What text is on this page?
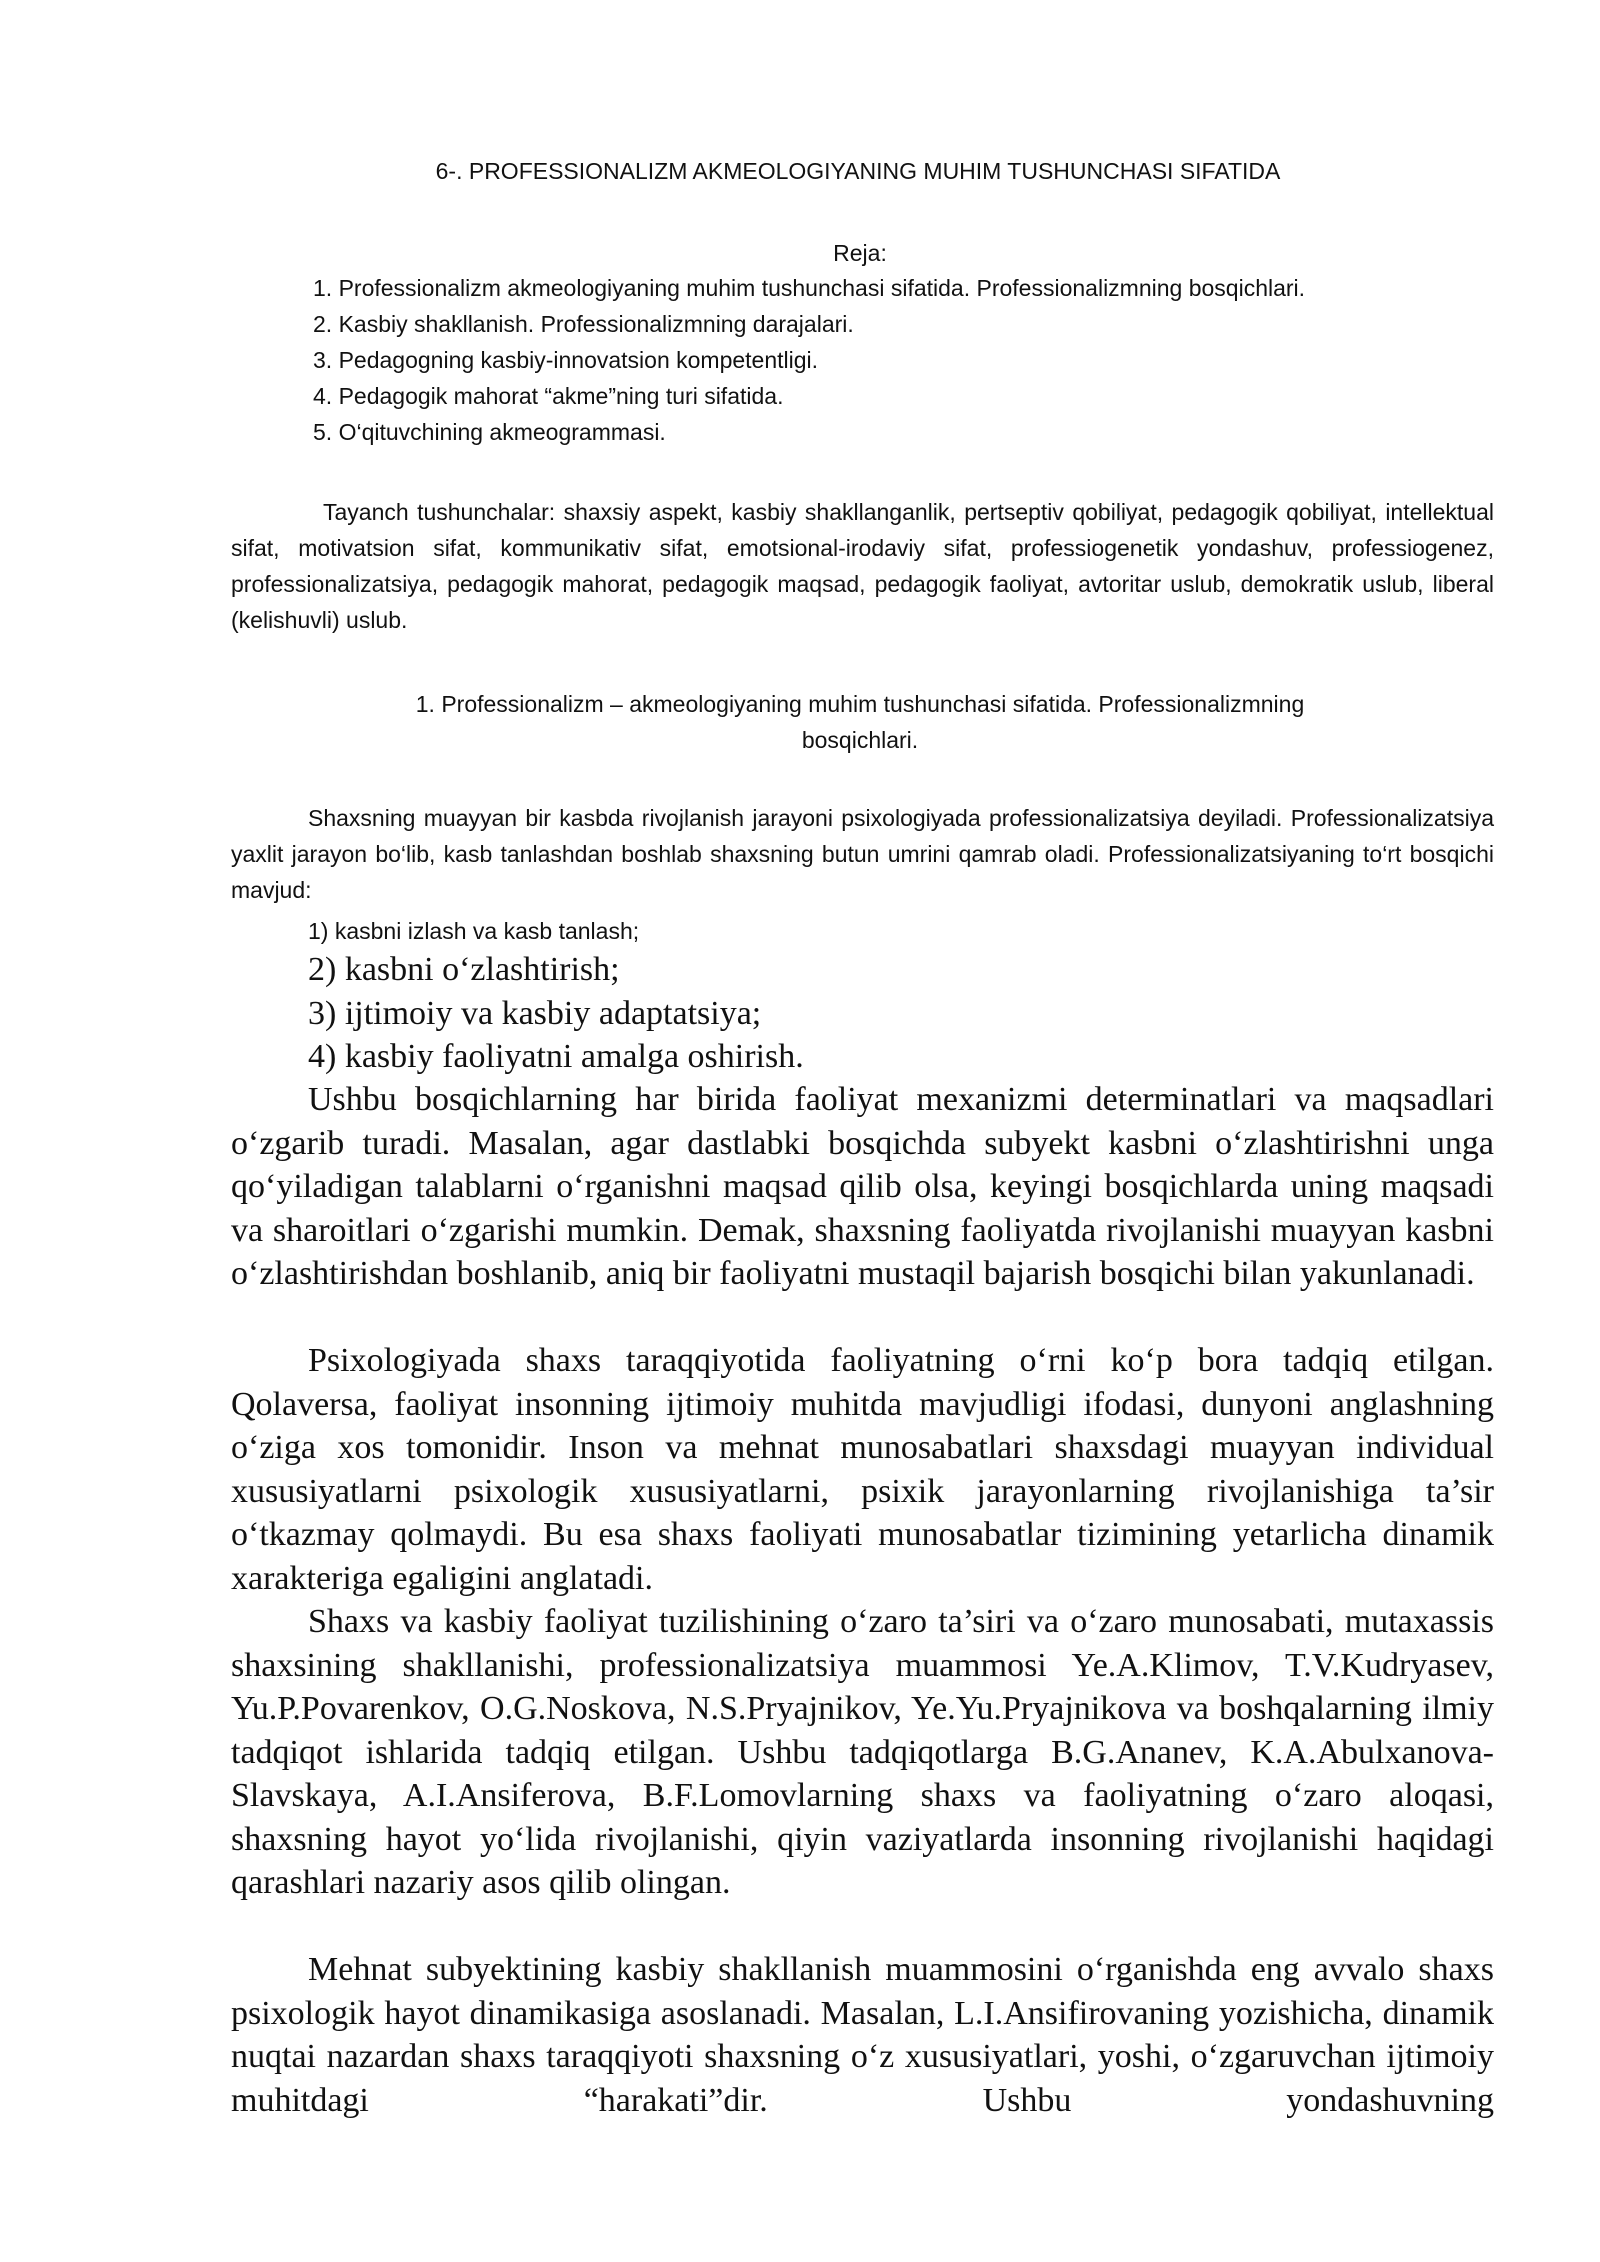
6-. PROFESSIONALIZM AKMEOLOGIYANING MUHIM TUSHUNCHASI SIFATIDA
Reja:
1. Professionalizm akmeologiyaning muhim tushunchasi sifatida. Professionalizmning bosqichlari.
2. Kasbiy shakllanish. Professionalizmning darajalari.
3. Pedagogning kasbiy-innovatsion kompetentligi.
4. Pedagogik mahorat “akme”ning turi sifatida.
5. O‘qituvchining akmeogrammasi.

Tayanch tushunchalar: shaxsiy aspekt, kasbiy shakllanganlik, pertseptiv qobiliyat, pedagogik qobiliyat, intellektual sifat, motivatsion sifat, kommunikativ sifat, emotsional-irodaviy sifat, professiogenetik yondashuv, professiogenez, professionalizatsiya, pedagogik mahorat, pedagogik maqsad, pedagogik faoliyat, avtoritar uslub, demokratik uslub, liberal (kelishuvli) uslub.

1. Professionalizm – akmeologiyaning muhim tushunchasi sifatida. Professionalizmning
bosqichlari.

Shaxsning muayyan bir kasbda rivojlanish jarayoni psixologiyada professionalizatsiya deyiladi. Professionalizatsiya yaxlit jarayon bo‘lib, kasb tanlashdan boshlab shaxsning butun umrini qamrab oladi. Professionalizatsiyaning to‘rt bosqichi mavjud:

1) kasbni izlash va kasb tanlash;
2) kasbni o‘zlashtirish;
3) ijtimoiy va kasbiy adaptatsiya;
4) kasbiy faoliyatni amalga oshirish.

Ushbu bosqichlarning har birida faoliyat mexanizmi determinatlari va maqsadlari o‘zgarib turadi. Masalan, agar dastlabki bosqichda subyekt kasbni o‘zlashtirishni unga qo‘yiladigan talablarni o‘rganishni maqsad qilib olsa, keyingi bosqichlarda uning maqsadi va sharoitlari o‘zgarishi mumkin. Demak, shaxsning faoliyatda rivojlanishi muayyan kasbni o‘zlashtirishdan boshlanib, aniq bir faoliyatni mustaqil bajarish bosqichi bilan yakunlanadi.

Psixologiyada shaxs taraqqiyotida faoliyatning o‘rni ko‘p bora tadqiq etilgan. Qolaversa, faoliyat insonning ijtimoiy muhitda mavjudligi ifodasi, dunyoni anglashning o‘ziga xos tomonidir. Inson va mehnat munosabatlari shaxsdagi muayyan individual xususiyatlarni psixologik xususiyatlarni, psixik jarayonlarning rivojlanishiga ta’sir o‘tkazmay qolmaydi. Bu esa shaxs faoliyati munosabatlar tizimining yetarlicha dinamik xarakteriga egaligini anglatadi.

Shaxs va kasbiy faoliyat tuzilishining o‘zaro ta’siri va o‘zaro munosabati, mutaxassis shaxsining shakllanishi, professionalizatsiya muammosi Ye.A.Klimov, T.V.Kudryasev, Yu.P.Povarenkov, O.G.Noskova, N.S.Pryajnikov, Ye.Yu.Pryajnikova va boshqalarning ilmiy tadqiqot ishlarida tadqiq etilgan. Ushbu tadqiqotlarga B.G.Ananev, K.A.Abulxanova-Slavskaya, A.I.Ansiferova, B.F.Lomovlarning shaxs va faoliyatning o‘zaro aloqasi, shaxsning hayot yo‘lida rivojlanishi, qiyin vaziyatlarda insonning rivojlanishi haqidagi qarashlari nazariy asos qilib olingan.

Mehnat subyektining kasbiy shakllanish muammosini o‘rganishda eng avvalo shaxs psixologik hayot dinamikasiga asoslanadi. Masalan, L.I.Ansifirovaning yozishicha, dinamik nuqtai nazardan shaxs taraqqiyoti shaxsning o‘z xususiyatlari, yoshi, o‘zgaruvchan ijtimoiy muhitdagi “harakati”dir. Ushbu yondashuvning
